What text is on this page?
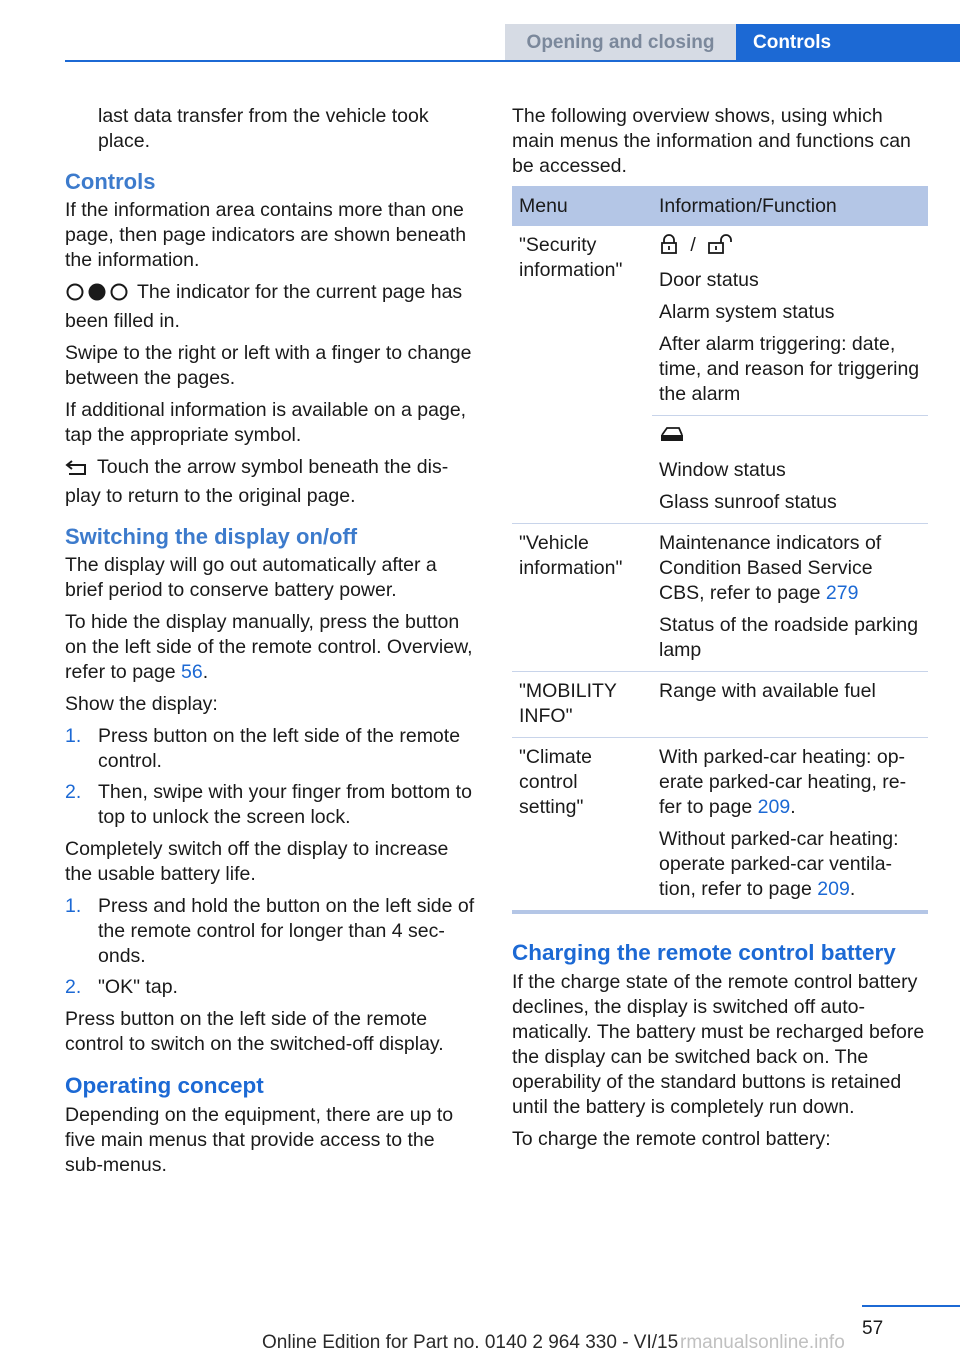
Opening and closing	Controls

last data transfer from the vehicle took place.

Controls

If the information area contains more than one page, then page indicators are shown beneath the information.

The indicator for the current page has been filled in.

Swipe to the right or left with a finger to change between the pages.

If additional information is available on a page, tap the appropriate symbol.

Touch the arrow symbol beneath the display to return to the original page.

Switching the display on/off

The display will go out automatically after a brief period to conserve battery power.

To hide the display manually, press the button on the left side of the remote control. Overview, refer to page 56.

Show the display:

1. Press button on the left side of the remote control.
2. Then, swipe with your finger from bottom to top to unlock the screen lock.

Completely switch off the display to increase the usable battery life.

1. Press and hold the button on the left side of the remote control for longer than 4 seconds.
2. "OK" tap.

Press button on the left side of the remote control to switch on the switched-off display.

Operating concept

Depending on the equipment, there are up to five main menus that provide access to the sub-menus.

The following overview shows, using which main menus the information and functions can be accessed.

Menu	Information/Function
"Security information"	/

Door status

Alarm system status

After alarm triggering: date, time, and reason for triggering the alarm

	Window status

Glass sunroof status

"Vehicle information"	Maintenance indicators of Condition Based Service CBS, refer to page 279

Status of the roadside parking lamp

"MOBILITY INFO"	Range with available fuel

"Climate control setting"	With parked-car heating: operate parked-car heating, refer to page 209.

Without parked-car heating: operate parked-car ventilation, refer to page 209.

Charging the remote control battery

If the charge state of the remote control battery declines, the display is switched off automatically. The battery must be recharged before the display can be switched back on. The operability of the standard buttons is retained until the battery is completely run down.

To charge the remote control battery:

57
Online Edition for Part no. 0140 2 964 330 - VI/15 rmanualsonline.info
